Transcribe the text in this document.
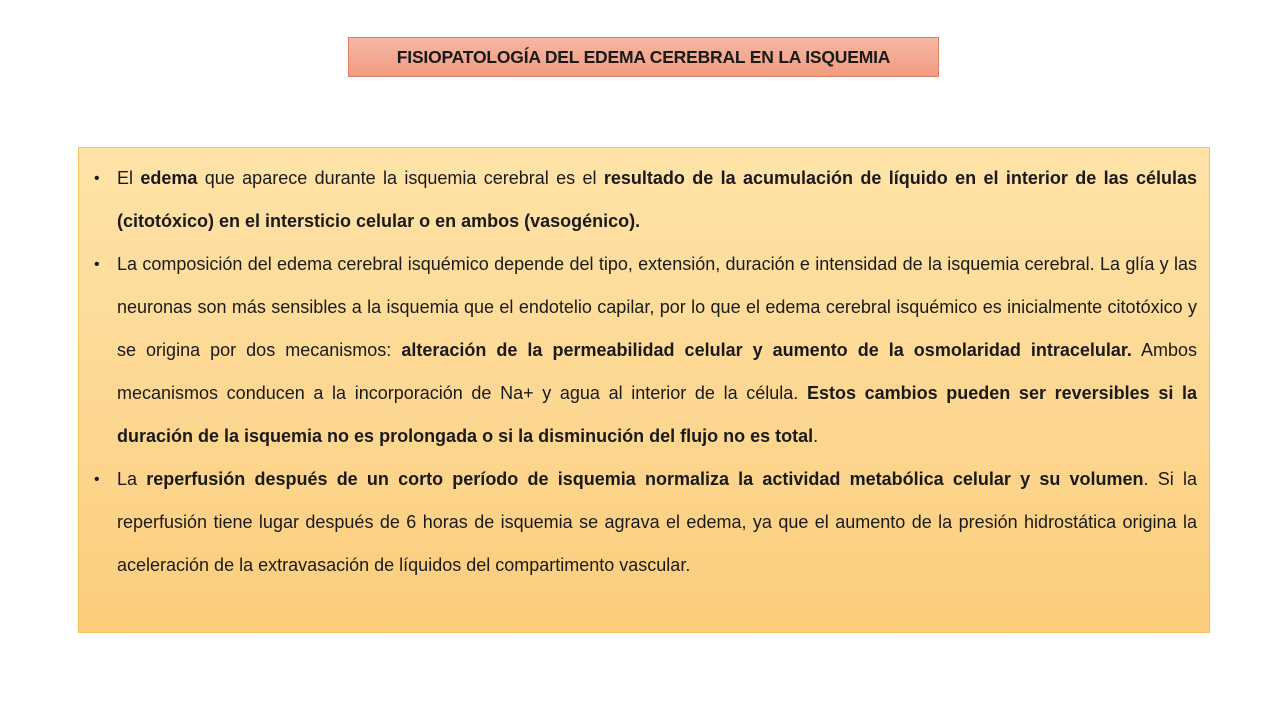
FISIOPATOLOGÍA DEL EDEMA CEREBRAL EN LA ISQUEMIA
• El edema que aparece durante la isquemia cerebral es el resultado de la acumulación de líquido en el interior de las células (citotóxico) en el intersticio celular o en ambos (vasogénico).
• La composición del edema cerebral isquémico depende del tipo, extensión, duración e intensidad de la isquemia cerebral. La glía y las neuronas son más sensibles a la isquemia que el endotelio capilar, por lo que el edema cerebral isquémico es inicialmente citotóxico y se origina por dos mecanismos: alteración de la permeabilidad celular y aumento de la osmolaridad intracelular. Ambos mecanismos conducen a la incorporación de Na+ y agua al interior de la célula. Estos cambios pueden ser reversibles si la duración de la isquemia no es prolongada o si la disminución del flujo no es total.
• La reperfusión después de un corto período de isquemia normaliza la actividad metabólica celular y su volumen. Si la reperfusión tiene lugar después de 6 horas de isquemia se agrava el edema, ya que el aumento de la presión hidrostática origina la aceleración de la extravasación de líquidos del compartimento vascular.
